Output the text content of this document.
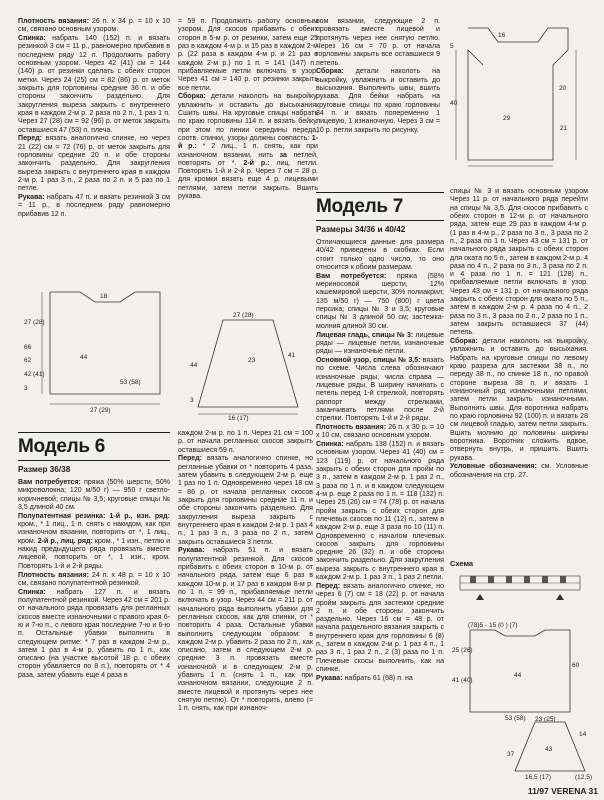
Плотность вязания: 26 п. х 34 р. = 10 х 10 см, связано основным узором.

Спинка: набрать 140 (152) п. и вязать резинкой 3 см = 11 р., равномерно прибавив в последнем ряду 12 п. Продолжить работу основным узором. Через 42 (41) см = 144 (140) р. от резинки сделать с обеих сторон метки. Через 24 (25) см = 82 (86) р. от меток закрыть для горловины средние 36 п. и обе стороны закончить раздельно. Для закругления выреза закрыть с внутреннего края в каждом 2-м р. 2 раза по 2 п., 1 раз 1 п. Через 27 (28) см = 92 (96) р. от меток закрыть оставшиеся 47 (53) п. плеча.

Перед: вязать аналогично спинке, но через 21 (22) см = 72 (76) р. от меток закрыть для горловины средние 20 п. и обе стороны закончить раздельно. Для закругления выреза закрыть с внутреннего края в каждом 2-м р. 1 раз 3 п., 2 раза по 2 п. и 5 раз по 1 петле.

Рукава: набрать 47 п. и вязать резинкой 3 см = 11 р., в последнем ряду равномерно прибавив 12 п.

= 59 п. Продолжить работу основным узором. Для скосов прибавить с обеих сторон в 5-м р. от резинки, затем еще 25 раз в каждом 4-м р. и 15 раз в каждом 2-м р. (22 раза в каждом 4-м р. и 21 раз в каждом 2-м р.) по 1 п. = 141 (147) п., прибавляемые петли включать в узор. Через 41 см = 140 р. от резинки закрыть все петли.

Сборка: детали наколоть на выкройку, увлажнить и оставить до высыхания. Сшить швы. На круговые спицы набрать по краю горловины 114 п. и вязать бейку, при этом по линии середины переда, соотв. спинки, узоры должны совпасть: 1-й р.: * 2 лиц., 1 п. снять, как при изнаночном вязании, нить за петлей, повторять от *. 2-й р.: лиц. петли. Повторять 1-й и 2-й р. Через 7 см = 28 р. для кромки вязать еще 4 р. лицевыми петлями, затем петли закрыть. Вшить рукава.

вом вязании, следующие 2 п. провязать вместе лицевой и протянуть через нее снятую петлю. Через 16 см = 70 р. от начала горловины закрыть все оставшиеся 9 петель.

Сборка: детали наколоть на выкройку, увлажнить и оставить до высыхания. Выполнить швы, вшить рукава. Для бейки набрать на круговые спицы по краю горловины 84 п. и вязать попеременно 1 лицевую, 1 изнаночную. Через 3 см = 10 р. петли закрыть по рисунку.

16
20
40
5
29
21
18
27 (28)
66
62	44
42 (41)
3
27 (29)
53 (58)
27 (28)
41
44
3
16 (17)
23
Модель 6
Размер 36/38

Вам потребуется: пряжа (50% шерсти, 50% микроволокна; 120 м/50 г) — 950 г светло-коричневой; спицы № 3,5; круговые спицы № 3,5 длиной 40 см.

Полупатентная резинка: 1-й р., изн. ряд: кром., * 1 лиц., 1 п. снять с накидом, как при изнаночном вязании, повторить от *, 1 лиц., кром. 2-й р., лиц. ряд: кром., * 1 изн., петлю и накид предыдущего ряда провязать вместе лицевой, повторить от *, 1 изн., кром. Повторять 1-й и 2-й ряды.

Плотность вязания: 24 п. х 48 р. = 10 х 10 см, связано полупатентной резинкой.

Спинка: набрать 127 п. и вязать полупатентной резинкой. Через 42 см = 201 р. от начального ряда провязать для регланных скосов вместе изнаночными с правого края 6-ю и 7-ю п., с левого края последние 7-ю и 6-ю п. Остальные убавки выполнить в следующем ритме: * 7 раз в каждом 2-м р., затем 1 раз в 4-м р. убавить по 1 п., как описано (на участке высотой 18 р. с обеих сторон убавляется по 8 п.), повторять от * 4 раза, затем убавить еще 4 раза в

каждом 2-м р. по 1 п. Через 21 см = 100 р. от начала регланных скосов закрыть оставшиеся 59 п.

Перед: вязать аналогично спинке, но регланные убавки от * повторить 4 раза, затем убавить в следующем 2-м р. еще 1 раз по 1 п. Одновременно через 18 см = 86 р. от начала регланных скосов закрыть для горловины средние 11 п. и обе стороны закончить раздельно. Для закругления выреза закрыть с внутреннего края в каждом 2-м р. 1 раз 4 п., 1 раз 3 п., 3 раза по 2 п., затем закрыть оставшиеся 3 петли.

Рукава: набрать 51 п. и вязать полупатентной резинкой. Для скосов прибавить с обеих сторон в 10-м р. от начального ряда, затем еще 6 раз в каждом 10-м р. и 17 раз в каждом 8-м р. по 1 п. = 99 п., прибавляемые петли включать в узор. Через 44 см = 211 р. от начального ряда выполнить убавки для регланных скосов, как для спинки, от * повторить 4 раза. Остальные убавки выполнить следующим образом: в каждом 2-м р. убавить 2 раза по 2 п., как описано, затем в следующем 2-м р. средние 3 п. провязать вместе изнаночной и в следующем 2-м р. убавить 1 п. (снять 1 п., как при изнаночном вязании, следующие 2 п. вместе лицевой и протянуть через нее снятую петлю). От * повторить, влево (= 1 п. снять, как при изнаноч-

Модель 7
Размеры 34/36 и 40/42

Отличающиеся данные для размера 40/42 приведены в скобках. Если стоит только одно число, то оно относится к обоим размерам.

Вам потребуется: пряжа (58% мериносовой шерсти, 12% кашемировой шерсти, 30% полиакрил; 135 м/50 г) — 750 (800) г цвета персика; спицы № 3 и 3,5; круговые спицы № 3 длиной 50 см; застежка-молния длиной 30 см.

Лицевая гладь, спицы № 3: лицевые ряды — лицевые петли, изнаночные ряды — изнаночные петли.

Основной узор, спицы № 3,5: вязать по схеме. Числа слева обозначают изнаночные ряды, числа справа — лицевые ряды. В ширину начинать с петель перед 1-й стрелкой, повторять раппорт между стрелками, заканчивать петлями после 2-й стрелки. Повторять 1-й и 2-й ряды.

Плотность вязания: 26 п. х 30 р. = 10 х 10 см, связано основным узором.

Спинка: набрать 138 (152) п. и вязать основным узором. Через 41 (40) см = 123 (119) р. от начального ряда закрыть с обеих сторон для пройм по 3 п., затем в каждом 2-м р. 1 раз 2 п., 3 раза по 1 п. и в каждом следующем 4-м р. еще 2 раза по 1 п. = 118 (132) п. Через 25 (26) см = 74 (78) р. от начала пройм закрыть с обеих сторон для плечевых скосов по 11 (12) п., затем в каждом 2-м р. еще 3 раза по 10 (11) п. Одновременно с началом плечевых скосов закрыть для горловины средние 26 (32) п. и обе стороны закончить раздельно. Для закругления выреза закрыть с внутреннего края в каждом 2-м р. 1 раз 3 п., 1 раз 2 петли.

Перед: вязать аналогично спинке, но через 6 (7) см = 18 (22) р. от начала пройм закрыть для застежки средние 2 п. и обе стороны закончить раздельно. Через 16 см = 48 р. от начала раздельного вязания закрыть с внутреннего края для горловины 6 (8) п., затем в каждом 2-м р. 1 раз 4 п., 1 раз 3 п., 1 раз 2 п., 2 (3) раза по 1 п. Плечевые скосы выполнить, как на спинке.

Рукава: набрать 61 (68) п. на

спицы № 3 и вязать основным узором Через 11 р. от начального ряда перейти на спицы № 3,5. Для скосов прибавить с обеих сторон в 12-м р. от начального ряда, затем еще 29 раз в каждом 4-м р. (1 раз в 4-м р., 2 раза по 3 п., 3 раза по 2 п., 2 раза по 1 п. Через 43 см = 131 р. от начального ряда закрыть с обеих сторон для оката по 5 п., затем в каждом 2-м р. 4 раза по 4 п., 2 раза по 3 п., 3 раза по 2 п. и 4 раза по 1 п. = 121 (128) п., прибавляемые петли включать в узор. Через 43 см = 131 р. от начального ряда закрыть с обеих сторон для оката по 5 п., затем в каждом 2-м р. 4 раза по 4 п., 2 раза по 3 п., 3 раза по 2 п., 2 раза по 1 п., затем закрыть оставшиеся 37 (44) петель.

Сборка: детали наколоть на выкройку, увлажнить и оставить до высыхания. Набрать на круговые спицы по левому краю разреза для застежки 38 п., по переду 38 п., по спинке 18 п., по правой стороне выреза 38 п. и вязать 1 изнаночный ряд изнаночными петлями, затем петли закрыть изнаночными. Выполнить швы. Для воротника набрать по краю горловины 92 (100) п. и вязать 28 см лицевой гладью, затем петли закрыть. Вшить молнию до половины ширины воротника. Воротник сложить вдвое, отвернуть внутрь, и пришить. Вшить рукава.

Условные обозначения: см. Условные обозначения на стр. 27.

Схема
(78)5 - 15 (0 ) (7)
44
41 (40)
25 (26)
60
53 (58) 23 (25)
14
43
37
16,5 (17)	(12,5)
11/97 VERENA 31
